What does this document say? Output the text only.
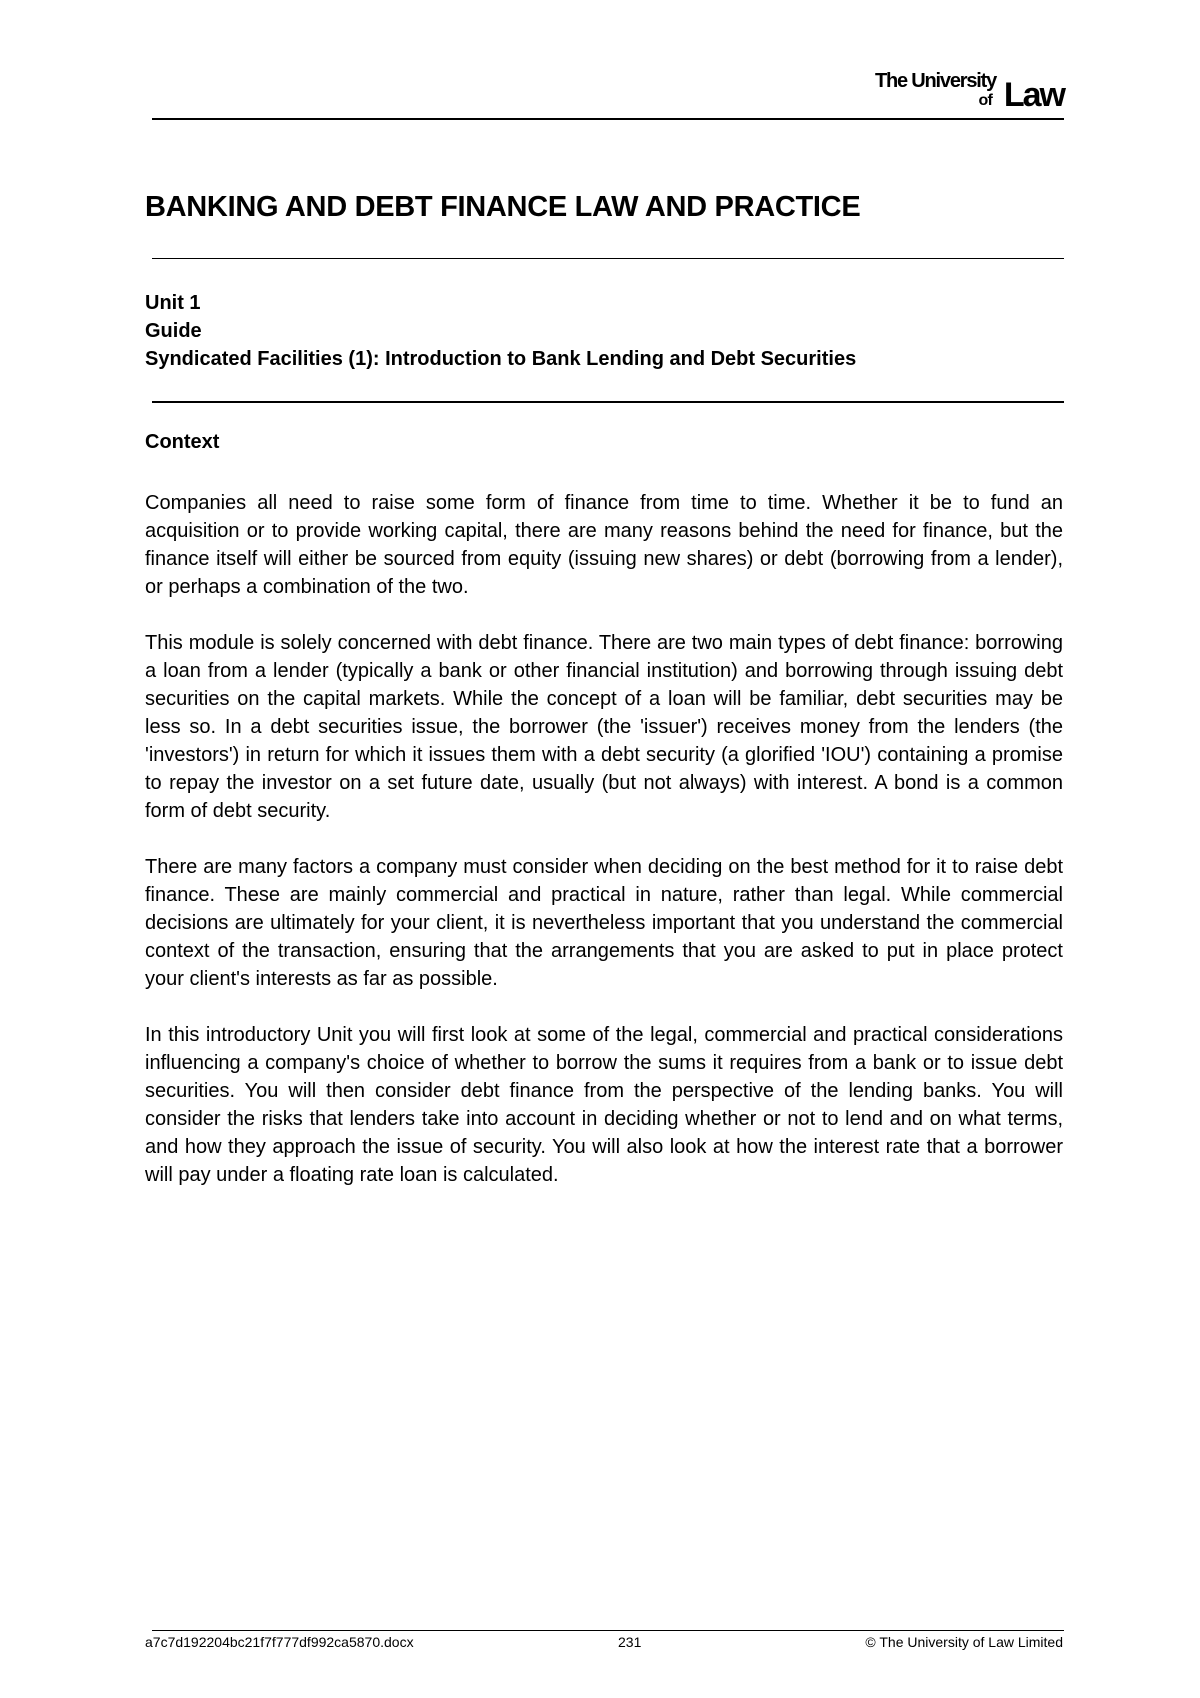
The University
of Law
BANKING AND DEBT FINANCE LAW AND PRACTICE
Unit 1
Guide
Syndicated Facilities (1): Introduction to Bank Lending and Debt Securities
Context

Companies all need to raise some form of finance from time to time. Whether it be to fund an acquisition or to provide working capital, there are many reasons behind the need for finance, but the finance itself will either be sourced from equity (issuing new shares) or debt (borrowing from a lender), or perhaps a combination of the two.

This module is solely concerned with debt finance. There are two main types of debt finance: borrowing a loan from a lender (typically a bank or other financial institution) and borrowing through issuing debt securities on the capital markets. While the concept of a loan will be familiar, debt securities may be less so. In a debt securities issue, the borrower (the 'issuer') receives money from the lenders (the 'investors') in return for which it issues them with a debt security (a glorified 'IOU') containing a promise to repay the investor on a set future date, usually (but not always) with interest. A bond is a common form of debt security.

There are many factors a company must consider when deciding on the best method for it to raise debt finance. These are mainly commercial and practical in nature, rather than legal. While commercial decisions are ultimately for your client, it is nevertheless important that you understand the commercial context of the transaction, ensuring that the arrangements that you are asked to put in place protect your client's interests as far as possible.

In this introductory Unit you will first look at some of the legal, commercial and practical considerations influencing a company's choice of whether to borrow the sums it requires from a bank or to issue debt securities. You will then consider debt finance from the perspective of the lending banks. You will consider the risks that lenders take into account in deciding whether or not to lend and on what terms, and how they approach the issue of security. You will also look at how the interest rate that a borrower will pay under a floating rate loan is calculated.

a7c7d192204bc21f7f777df992ca5870.docx	231	© The University of Law Limited
